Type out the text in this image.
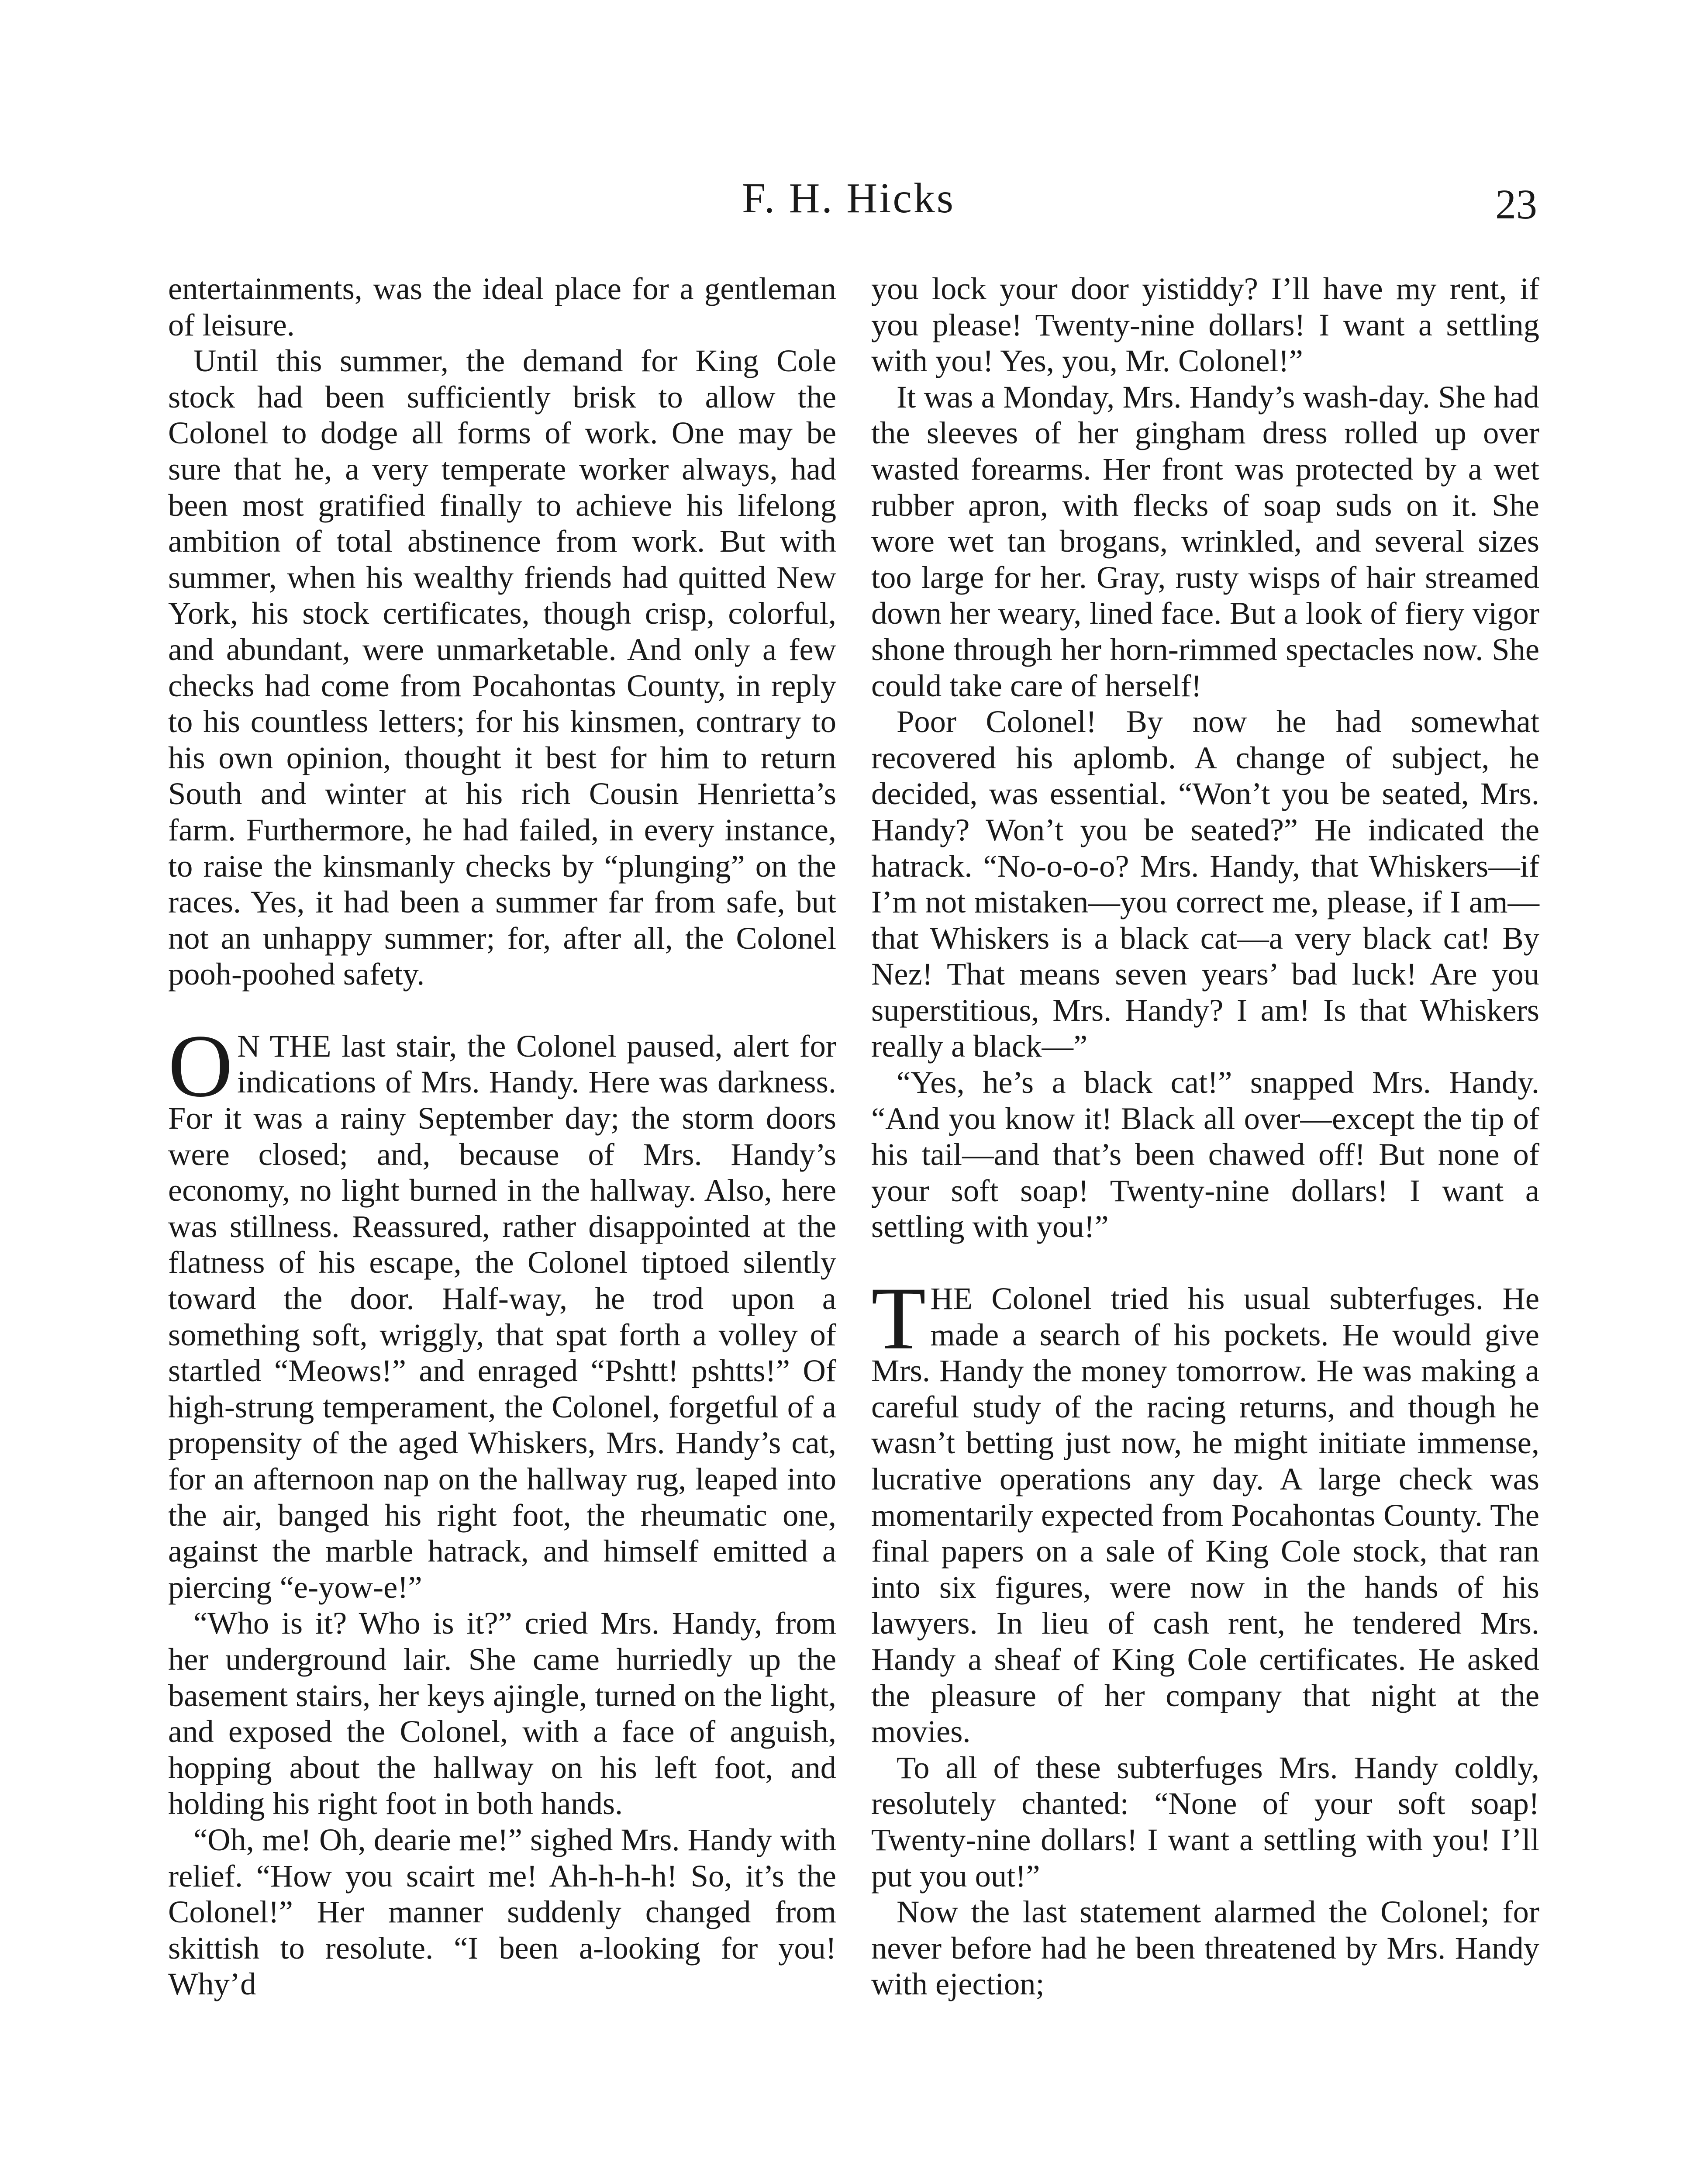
F. H. Hicks	23

entertainments, was the ideal place for a gentleman of leisure.

Until this summer, the demand for King Cole stock had been sufficiently brisk to allow the Colonel to dodge all forms of work. One may be sure that he, a very temperate worker always, had been most gratified finally to achieve his lifelong ambition of total abstinence from work. But with summer, when his wealthy friends had quitted New York, his stock certificates, though crisp, colorful, and abundant, were unmarketable. And only a few checks had come from Pocahontas County, in reply to his countless letters; for his kinsmen, contrary to his own opinion, thought it best for him to return South and winter at his rich Cousin Henrietta’s farm. Furthermore, he had failed, in every instance, to raise the kinsmanly checks by “plunging” on the races. Yes, it had been a summer far from safe, but not an unhappy summer; for, after all, the Colonel pooh-poohed safety.

O N THE last stair, the Colonel paused, alert for indications of Mrs. Handy. Here was darkness. For it was a rainy September day; the storm doors were closed; and, because of Mrs. Handy’s economy, no light burned in the hallway. Also, here was stillness. Reassured, rather disappointed at the flatness of his escape, the Colonel tiptoed silently toward the door. Half-way, he trod upon a something soft, wriggly, that spat forth a volley of startled “Meows!” and enraged “Pshtt! pshtts!” Of high-strung temperament, the Colonel, forgetful of a propensity of the aged Whiskers, Mrs. Handy’s cat, for an afternoon nap on the hallway rug, leaped into the air, banged his right foot, the rheumatic one, against the marble hatrack, and himself emitted a piercing “e-yow-e!”

“Who is it? Who is it?” cried Mrs. Handy, from her underground lair. She came hurriedly up the basement stairs, her keys ajingle, turned on the light, and exposed the Colonel, with a face of anguish, hopping about the hallway on his left foot, and holding his right foot in both hands.

“Oh, me! Oh, dearie me!” sighed Mrs. Handy with relief. “How you scairt me! Ah-h-h-h! So, it’s the Colonel!” Her manner suddenly changed from skittish to resolute. “I been a-looking for you! Why’d

you lock your door yistiddy? I’ll have my rent, if you please! Twenty-nine dollars! I want a settling with you! Yes, you, Mr. Colonel!”

It was a Monday, Mrs. Handy’s wash-day. She had the sleeves of her gingham dress rolled up over wasted forearms. Her front was protected by a wet rubber apron, with flecks of soap suds on it. She wore wet tan brogans, wrinkled, and several sizes too large for her. Gray, rusty wisps of hair streamed down her weary, lined face. But a look of fiery vigor shone through her horn-rimmed spectacles now. She could take care of herself!

Poor Colonel! By now he had somewhat recovered his aplomb. A change of subject, he decided, was essential. “Won’t you be seated, Mrs. Handy? Won’t you be seated?” He indicated the hatrack. “No-o-o-o? Mrs. Handy, that Whiskers—if I’m not mistaken—you correct me, please, if I am—that Whiskers is a black cat—a very black cat! By Nez! That means seven years’ bad luck! Are you superstitious, Mrs. Handy? I am! Is that Whiskers really a black—”

“Yes, he’s a black cat!” snapped Mrs. Handy. “And you know it! Black all over—except the tip of his tail—and that’s been chawed off! But none of your soft soap! Twenty-nine dollars! I want a settling with you!”

THE Colonel tried his usual subterfuges. He made a search of his pockets. He would give Mrs. Handy the money tomorrow. He was making a careful study of the racing returns, and though he wasn’t betting just now, he might initiate immense, lucrative operations any day. A large check was momentarily expected from Pocahontas County. The final papers on a sale of King Cole stock, that ran into six figures, were now in the hands of his lawyers. In lieu of cash rent, he tendered Mrs. Handy a sheaf of King Cole certificates. He asked the pleasure of her company that night at the movies.

To all of these subterfuges Mrs. Handy coldly, resolutely chanted: “None of your soft soap! Twenty-nine dollars! I want a settling with you! I’ll put you out!”

Now the last statement alarmed the Colonel; for never before had he been threatened by Mrs. Handy with ejection;
